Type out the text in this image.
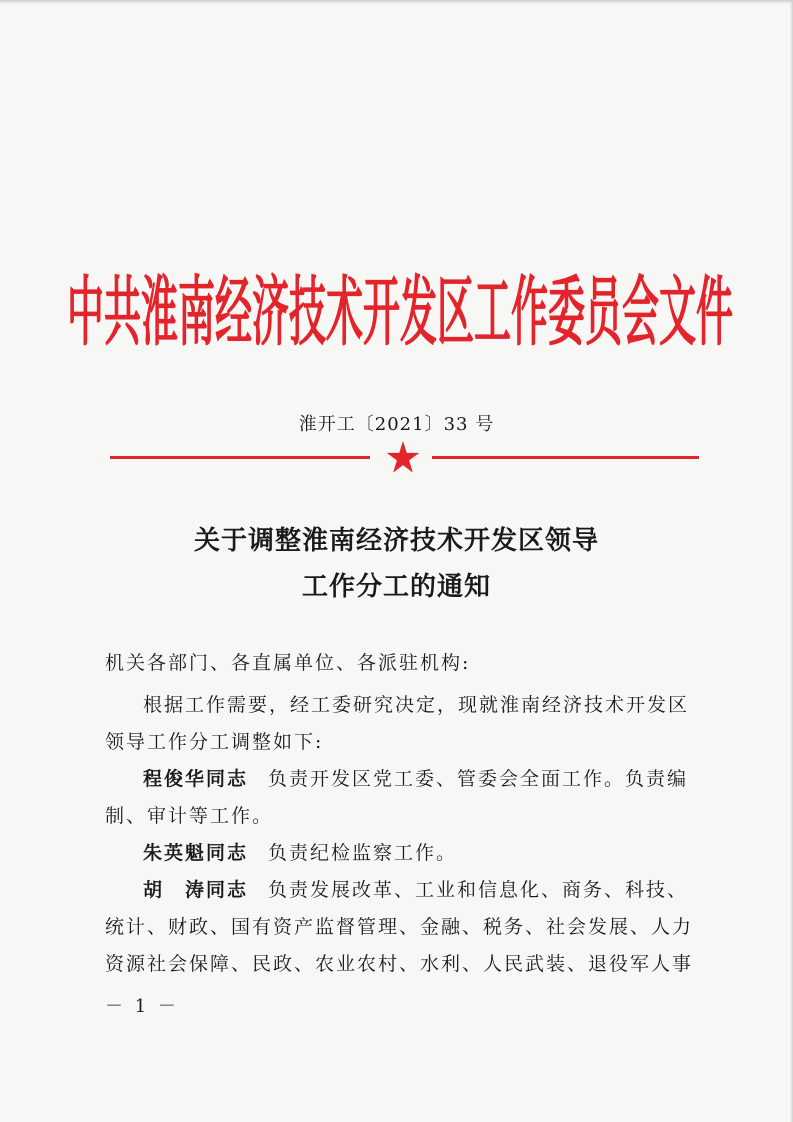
中共淮南经济技术开发区工作委员会文件
淮开工〔2021〕33 号
关于调整淮南经济技术开发区领导
工作分工的通知
机关各部门、各直属单位、各派驻机构:
根据工作需要，经工委研究决定，现就淮南经济技术开发区
领导工作分工调整如下:
程俊华同志 负责开发区党工委、管委会全面工作。负责编
制、审计等工作。
朱英魁同志 负责纪检监察工作。
胡　涛同志 负责发展改革、工业和信息化、商务、科技、
统计、财政、国有资产监督管理、金融、税务、社会发展、人力
资源社会保障、民政、农业农村、水利、人民武装、退役军人事
－ 1 －
